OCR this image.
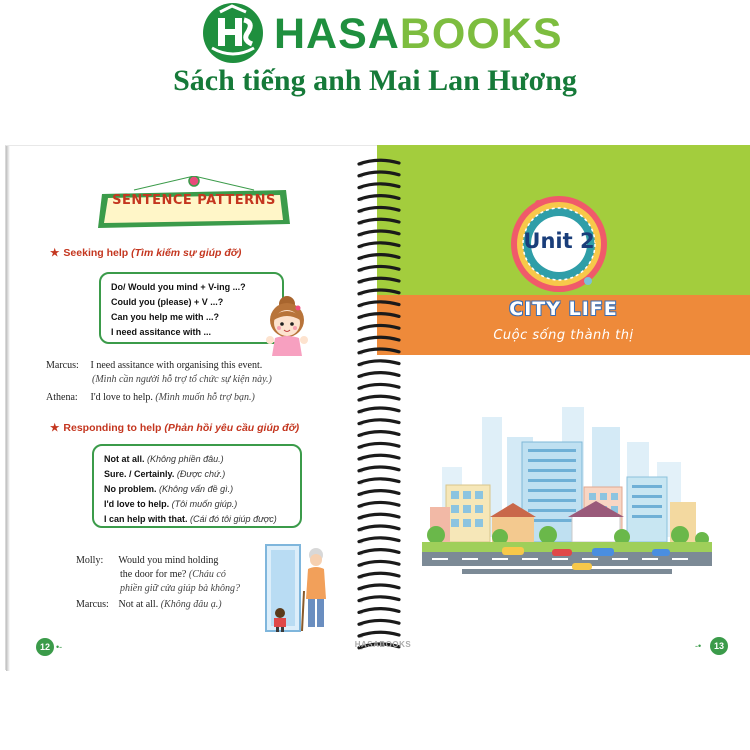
HASABOOKS
Sách tiếng anh Mai Lan Hương
SENTENCE PATTERNS
★ Seeking help (Tìm kiếm sự giúp đỡ)
Do/ Would you mind + V-ing ...?
Could you (please) + V ...?
Can you help me with ...?
I need assitance with ...
Marcus: I need assitance with organising this event.
(Mình cần người hỗ trợ tổ chức sự kiện này.)
Athena: I'd love to help. (Mình muốn hỗ trợ bạn.)
★ Responding to help (Phản hồi yêu cầu giúp đỡ)
Not at all. (Không phiền đâu.)
Sure. / Certainly. (Được chứ.)
No problem. (Không vấn đề gì.)
I'd love to help. (Tôi muốn giúp.)
I can help with that. (Cái đó tôi giúp được)
Molly: Would you mind holding
the door for me? (Cháu có
phiền giữ cửa giúp bà không?
Marcus: Not at all. (Không đâu ạ.)
12 •-
Unit 2
CITY LIFE
Cuộc sống thành thị
13
-•
HASABOOKS
